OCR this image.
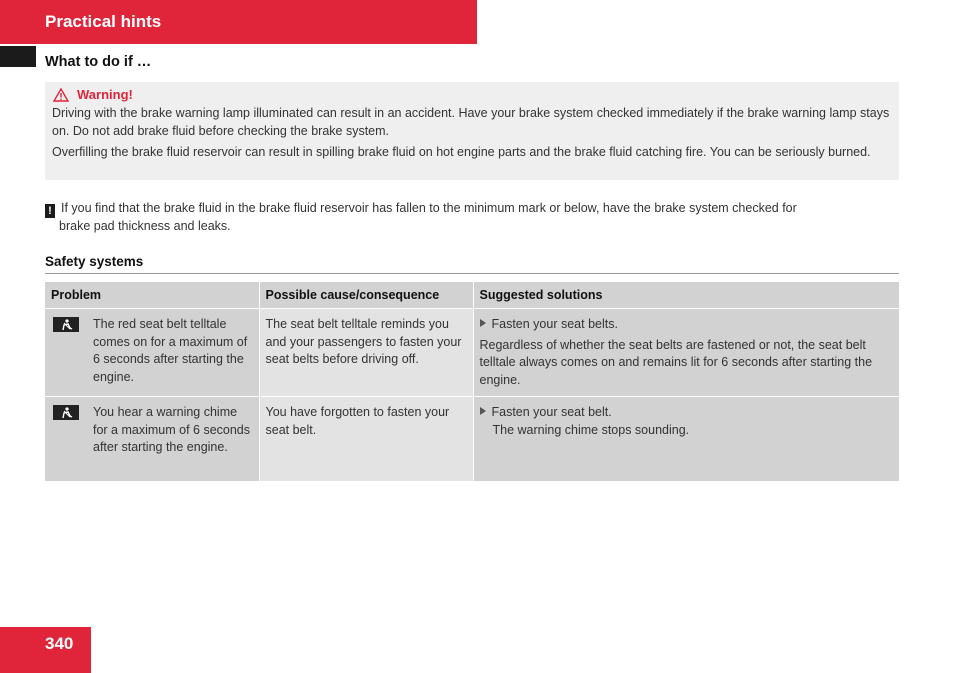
Practical hints
What to do if …
Warning!
Driving with the brake warning lamp illuminated can result in an accident. Have your brake system checked immediately if the brake warning lamp stays on. Do not add brake fluid before checking the brake system.
Overfilling the brake fluid reservoir can result in spilling brake fluid on hot engine parts and the brake fluid catching fire. You can be seriously burned.
! If you find that the brake fluid in the brake fluid reservoir has fallen to the minimum mark or below, have the brake system checked for
brake pad thickness and leaks.
Safety systems
Problem	Possible cause/consequence	Suggested solutions

The red seat belt telltale comes on for a maximum of 6 seconds after starting the engine.	The seat belt telltale reminds you and your passengers to fasten your seat belts before driving off.	Fasten your seat belts.
Regardless of whether the seat belts are fastened or not, the seat belt telltale always comes on and remains lit for 6 seconds after starting the engine.

You hear a warning chime for a maximum of 6 seconds after starting the engine.	You have forgotten to fasten your seat belt.	Fasten your seat belt.
The warning chime stops sounding.
340
